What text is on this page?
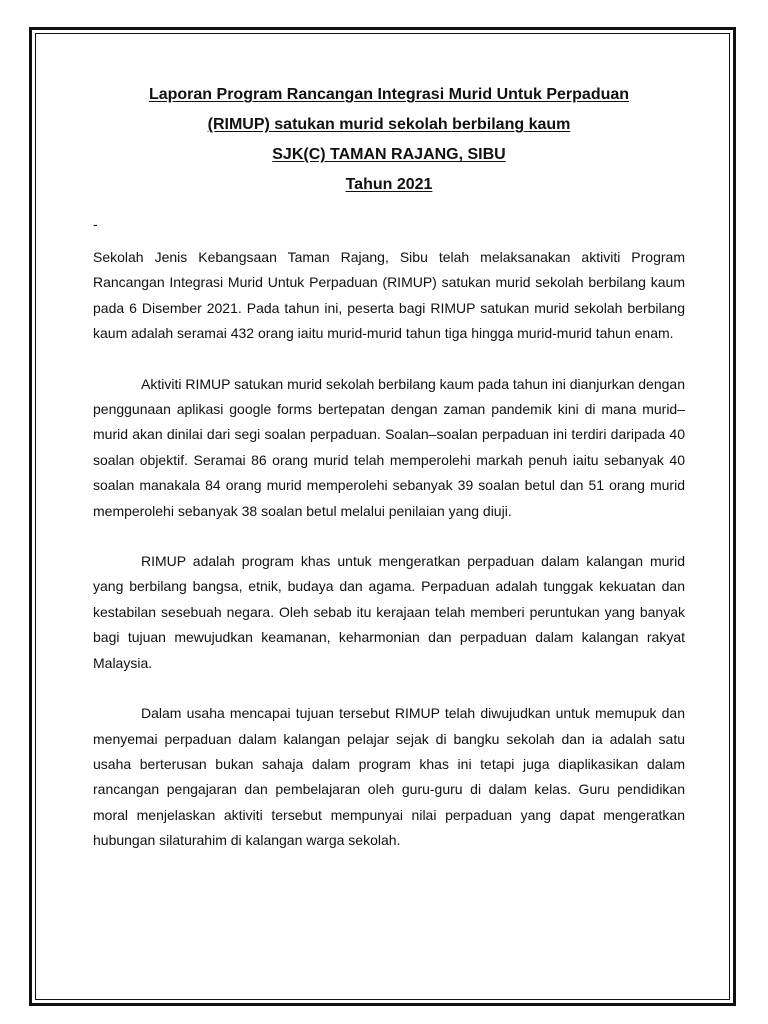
Laporan Program Rancangan Integrasi Murid Untuk Perpaduan
(RIMUP) satukan murid sekolah berbilang kaum
SJK(C) TAMAN RAJANG, SIBU
Tahun 2021
-

Sekolah Jenis Kebangsaan Taman Rajang, Sibu telah melaksanakan aktiviti Program Rancangan Integrasi Murid Untuk Perpaduan (RIMUP) satukan murid sekolah berbilang kaum pada 6 Disember 2021. Pada tahun ini, peserta bagi RIMUP satukan murid sekolah berbilang kaum adalah seramai 432 orang iaitu murid-murid tahun tiga hingga murid-murid tahun enam.

Aktiviti RIMUP satukan murid sekolah berbilang kaum pada tahun ini dianjurkan dengan penggunaan aplikasi google forms bertepatan dengan zaman pandemik kini di mana murid–murid akan dinilai dari segi soalan perpaduan. Soalan–soalan perpaduan ini terdiri daripada 40 soalan objektif. Seramai 86 orang murid telah memperolehi markah penuh iaitu sebanyak 40 soalan manakala 84 orang murid memperolehi sebanyak 39 soalan betul dan 51 orang murid memperolehi sebanyak 38 soalan betul melalui penilaian yang diuji.

RIMUP adalah program khas untuk mengeratkan perpaduan dalam kalangan murid yang berbilang bangsa, etnik, budaya dan agama. Perpaduan adalah tunggak kekuatan dan kestabilan sesebuah negara. Oleh sebab itu kerajaan telah memberi peruntukan yang banyak bagi tujuan mewujudkan keamanan, keharmonian dan perpaduan dalam kalangan rakyat Malaysia.

Dalam usaha mencapai tujuan tersebut RIMUP telah diwujudkan untuk memupuk dan menyemai perpaduan dalam kalangan pelajar sejak di bangku sekolah dan ia adalah satu usaha berterusan bukan sahaja dalam program khas ini tetapi juga diaplikasikan dalam rancangan pengajaran dan pembelajaran oleh guru-guru di dalam kelas. Guru pendidikan moral menjelaskan aktiviti tersebut mempunyai nilai perpaduan yang dapat mengeratkan hubungan silaturahim di kalangan warga sekolah.
